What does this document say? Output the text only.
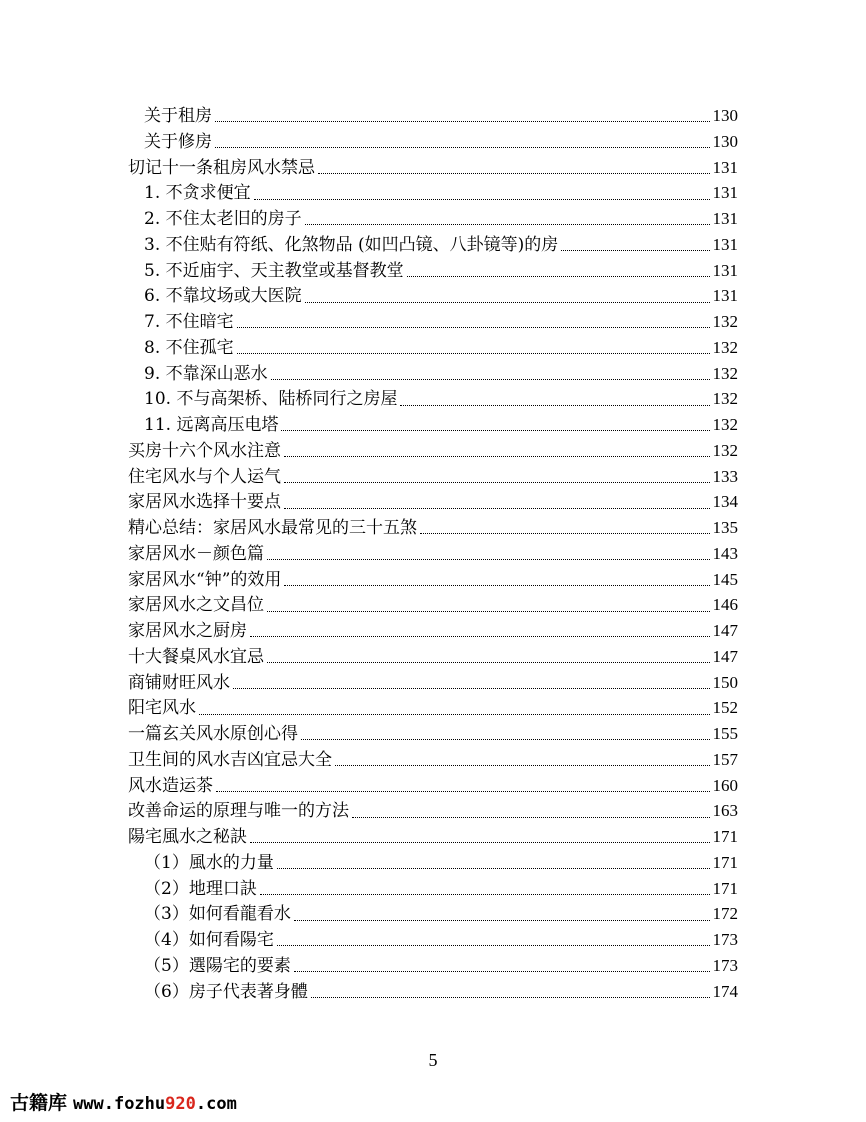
关于租房	130
关于修房	130
切记十一条租房风水禁忌	131
1. 不贪求便宜	131
2. 不住太老旧的房子	131
3. 不住贴有符纸、化煞物品 (如凹凸镜、八卦镜等)的房	131
5. 不近庙宇、天主教堂或基督教堂	131
6. 不靠坟场或大医院	131
7. 不住暗宅	132
8. 不住孤宅	132
9. 不靠深山恶水	132
10. 不与高架桥、陆桥同行之房屋	132
11. 远离高压电塔	132
买房十六个风水注意	132
住宅风水与个人运气	133
家居风水选择十要点	134
精心总结：家居风水最常见的三十五煞	135
家居风水－颜色篇	143
家居风水“钟”的效用	145
家居风水之文昌位	146
家居风水之厨房	147
十大餐桌风水宜忌	147
商铺财旺风水	150
阳宅风水	152
一篇玄关风水原创心得	155
卫生间的风水吉凶宜忌大全	157
风水造运茶	160
改善命运的原理与唯一的方法	163
陽宅風水之秘訣	171
（1）風水的力量	171
（2）地理口訣	171
（3）如何看龍看水	172
（4）如何看陽宅	173
（5）選陽宅的要素	173
（6）房子代表著身體	174
5
古籍库 www.fozhu920.com
